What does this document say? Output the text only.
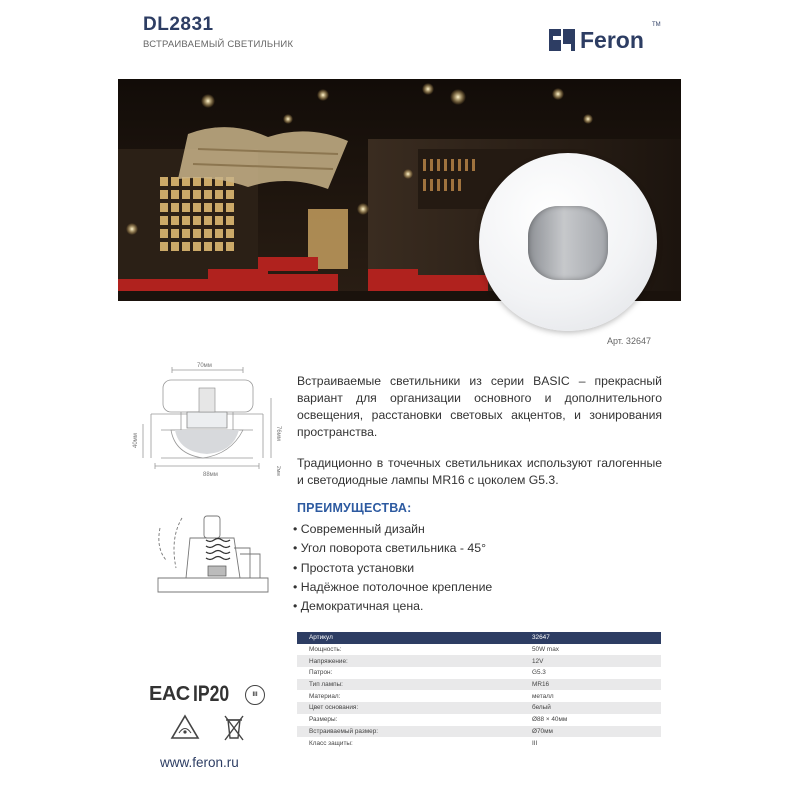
DL2831
ВСТРАИВАЕМЫЙ СВЕТИЛЬНИК	Feron
TM
Арт. 32647
70мм
88мм
76мм
40мм
2мм
Встраиваемые светильники из серии BASIC – прекрасный вариант для организации основного и дополнительного освещения, расстановки световых акцентов, и зонирования пространства.
Традиционно в точечных светильниках используют галогенные и светодиодные лампы MR16 с цоколем G5.3.
ПРЕИМУЩЕСТВА:
• Современный дизайн
• Угол поворота светильника - 45°
• Простота установки
• Надёжное потолочное крепление
• Демократичная цена.
Артикул	32647
Мощность:	50W max
Напряжение:	12V
Патрон:	G5.3
Тип лампы:	MR16
Материал:	металл
Цвет основания:	белый
Размеры:	Ø88 × 40мм
Встраиваемый размер:	Ø70мм
Класс защиты:	III
EAC IP20	III
www.feron.ru
